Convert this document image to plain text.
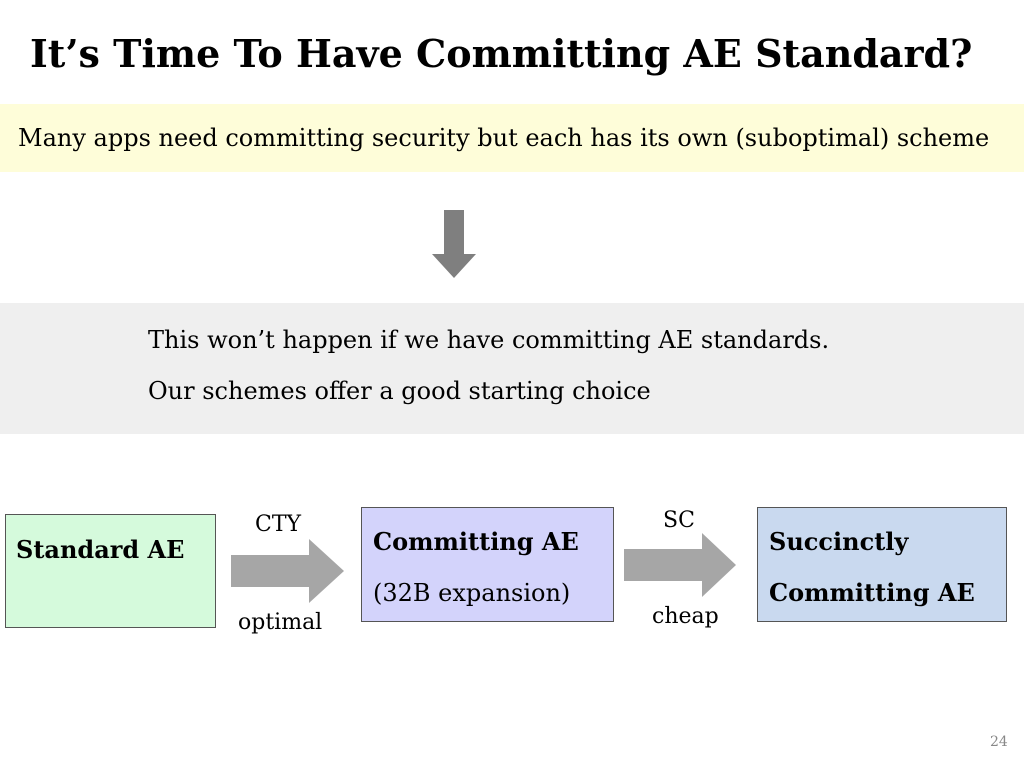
It’s Time To Have Committing AE Standard?
Many apps need committing security but each has its own (suboptimal) scheme
This won’t happen if we have committing AE standards.
Our schemes offer a good starting choice
Standard AE
CTY
optimal
Committing AE
(32B expansion)
SC
cheap
Succinctly
Committing AE
24
